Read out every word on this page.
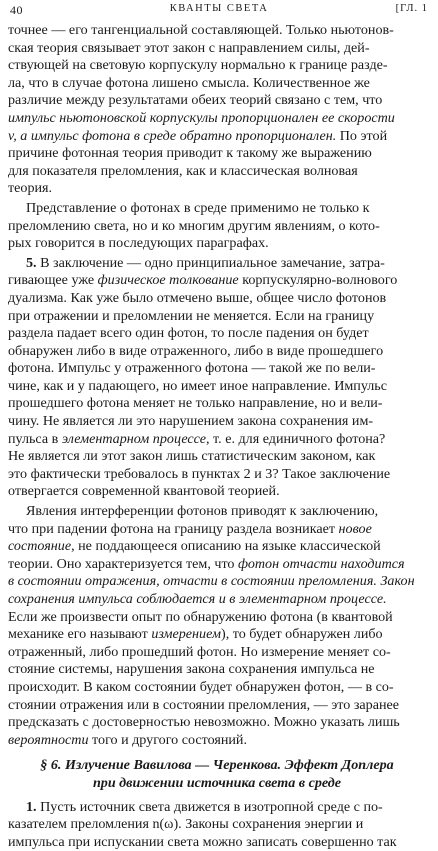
40	КВАНТЫ СВЕТА	[ГЛ. 1
точнее — его тангенциальной составляющей. Только ньютонов-
ская теория связывает этот закон с направлением силы, дей-
ствующей на световую корпускулу нормально к границе разде-
ла, что в случае фотона лишено смысла. Количественное же
различие между результатами обеих теорий связано с тем, что
импульс ньютоновской корпускулы пропорционален ее скорости
v, а импульс фотона в среде обратно пропорционален. По этой
причине фотонная теория приводит к такому же выражению
для показателя преломления, как и классическая волновая
теория.
Представление о фотонах в среде применимо не только к
преломлению света, но и ко многим другим явлениям, о кото-
рых говорится в последующих параграфах.
5. В заключение — одно принципиальное замечание, затра-
гивающее уже физическое толкование корпускулярно-волнового
дуализма. Как уже было отмечено выше, общее число фотонов
при отражении и преломлении не меняется. Если на границу
раздела падает всего один фотон, то после падения он будет
обнаружен либо в виде отраженного, либо в виде прошедшего
фотона. Импульс у отраженного фотона — такой же по вели-
чине, как и у падающего, но имеет иное направление. Импульс
прошедшего фотона меняет не только направление, но и вели-
чину. Не является ли это нарушением закона сохранения им-
пульса в элементарном процессе, т. е. для единичного фотона?
Не является ли этот закон лишь статистическим законом, как
это фактически требовалось в пунктах 2 и 3? Такое заключение
отвергается современной квантовой теорией.
Явления интерференции фотонов приводят к заключению,
что при падении фотона на границу раздела возникает новое
состояние, не поддающееся описанию на языке классической
теории. Оно характеризуется тем, что фотон отчасти находится
в состоянии отражения, отчасти в состоянии преломления. Закон
сохранения импульса соблюдается и в элементарном процессе.
Если же произвести опыт по обнаружению фотона (в квантовой
механике его называют измерением), то будет обнаружен либо
отраженный, либо прошедший фотон. Но измерение меняет со-
стояние системы, нарушения закона сохранения импульса не
происходит. В каком состоянии будет обнаружен фотон, — в со-
стоянии отражения или в состоянии преломления, — это заранее
предсказать с достоверностью невозможно. Можно указать лишь
вероятности того и другого состояний.
§ 6. Излучение Вавилова — Черенкова. Эффект Доплера
при движении источника света в среде
1. Пусть источник света движется в изотропной среде с по-
казателем преломления n(ω). Законы сохранения энергии и
импульса при испускании света можно записать совершенно так
